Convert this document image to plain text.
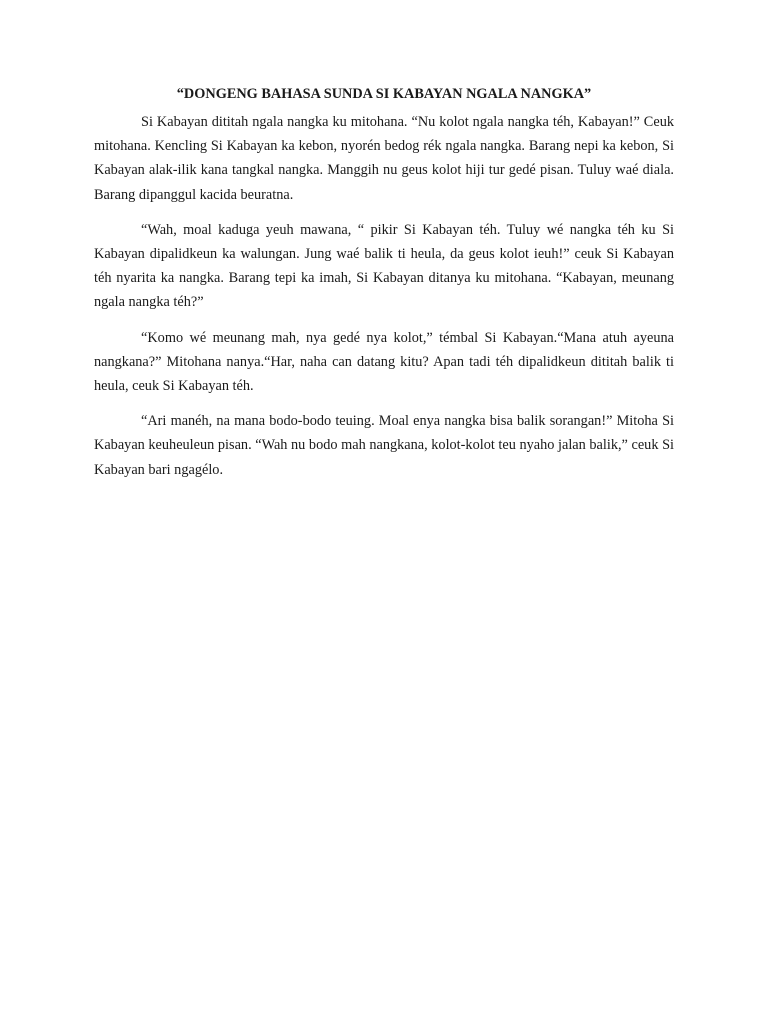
“DONGENG BAHASA SUNDA SI KABAYAN NGALA NANGKA”

Si Kabayan dititah ngala nangka ku mitohana. “Nu kolot ngala nangka téh, Kabayan!” Ceuk mitohana. Kencling Si Kabayan ka kebon, nyorén bedog rék ngala nangka. Barang nepi ka kebon, Si Kabayan alak-ilik kana tangkal nangka. Manggih nu geus kolot hiji tur gedé pisan. Tuluy waé diala. Barang dipanggul kacida beuratna.

“Wah, moal kaduga yeuh mawana, “ pikir Si Kabayan téh. Tuluy wé nangka téh ku Si Kabayan dipalidkeun ka walungan. Jung waé balik ti heula, da geus kolot ieuh!” ceuk Si Kabayan téh nyarita ka nangka. Barang tepi ka imah, Si Kabayan ditanya ku mitohana. “Kabayan, meunang ngala nangka téh?”

“Komo wé meunang mah, nya gedé nya kolot,” témbal Si Kabayan.“Mana atuh ayeuna nangkana?” Mitohana nanya.“Har, naha can datang kitu? Apan tadi téh dipalidkeun dititah balik ti heula, ceuk Si Kabayan téh.

“Ari manéh, na mana bodo-bodo teuing. Moal enya nangka bisa balik sorangan!” Mitoha Si Kabayan keuheuleun pisan. “Wah nu bodo mah nangkana, kolot-kolot teu nyaho jalan balik,” ceuk Si Kabayan bari ngagélo.
